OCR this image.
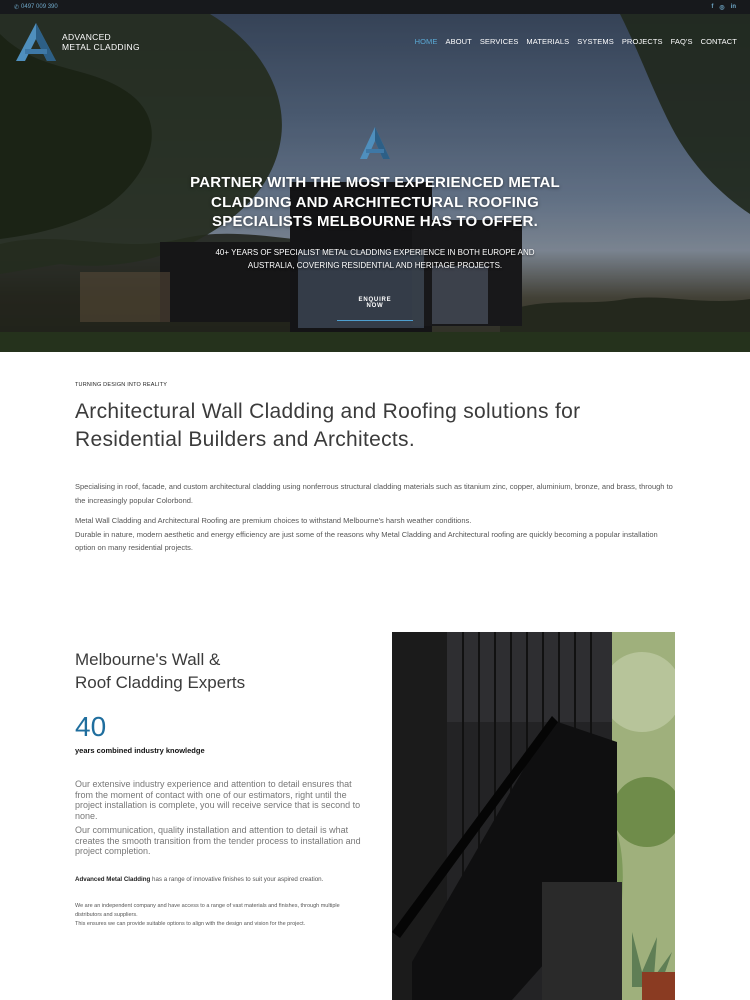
✆ 0497 009 390	f ◎ in
PARTNER WITH THE MOST EXPERIENCED METAL CLADDING AND ARCHITECTURAL ROOFING SPECIALISTS MELBOURNE HAS TO OFFER.
40+ YEARS OF SPECIALIST METAL CLADDING EXPERIENCE IN BOTH EUROPE AND AUSTRALIA, COVERING RESIDENTIAL AND HERITAGE PROJECTS.
ENQUIRE NOW
ADVANCED
METAL CLADDING
HOME ABOUT SERVICES MATERIALS SYSTEMS PROJECTS FAQ'S CONTACT
TURNING DESIGN INTO REALITY
Architectural Wall Cladding and Roofing solutions for Residential Builders and Architects.

Specialising in roof, facade, and custom architectural cladding using nonferrous structural cladding materials such as titanium zinc, copper, aluminium, bronze, and brass, through to the increasingly popular Colorbond.

Metal Wall Cladding and Architectural Roofing are premium choices to withstand Melbourne's harsh weather conditions.

Durable in nature, modern aesthetic and energy efficiency are just some of the reasons why Metal Cladding and Architectural roofing are quickly becoming a popular installation option on many residential projects.

Melbourne's Wall &
Roof Cladding Experts
40
years combined industry knowledge

Our extensive industry experience and attention to detail ensures that from the moment of contact with one of our estimators, right until the project installation is complete, you will receive service that is second to none.

Our communication, quality installation and attention to detail is what creates the smooth transition from the tender process to installation and project completion.

Advanced Metal Cladding has a range of innovative finishes to suit your aspired creation.

We are an independent company and have access to a range of vast materials and finishes, through multiple distributors and suppliers.

This ensures we can provide suitable options to align with the design and vision for the project.
